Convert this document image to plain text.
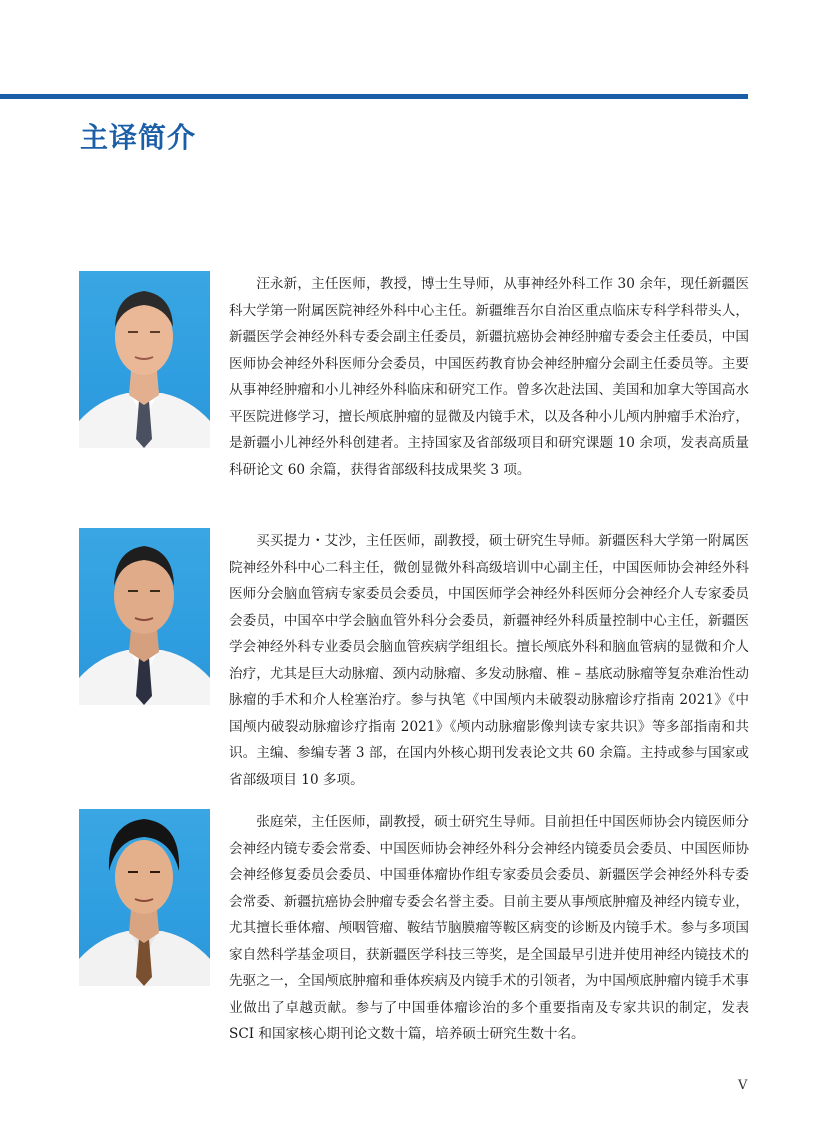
主译简介

汪永新，主任医师，教授，博士生导师，从事神经外科工作 30 余年，现任新疆医科大学第一附属医院神经外科中心主任。新疆维吾尔自治区重点临床专科学科带头人，新疆医学会神经外科专委会副主任委员，新疆抗癌协会神经肿瘤专委会主任委员，中国医师协会神经外科医师分会委员，中国医药教育协会神经肿瘤分会副主任委员等。主要从事神经肿瘤和小儿神经外科临床和研究工作。曾多次赴法国、美国和加拿大等国高水平医院进修学习，擅长颅底肿瘤的显微及内镜手术，以及各种小儿颅内肿瘤手术治疗，是新疆小儿神经外科创建者。主持国家及省部级项目和研究课题 10 余项，发表高质量科研论文 60 余篇，获得省部级科技成果奖 3 项。

买买提力・艾沙，主任医师，副教授，硕士研究生导师。新疆医科大学第一附属医院神经外科中心二科主任，微创显微外科高级培训中心副主任，中国医师协会神经外科医师分会脑血管病专家委员会委员，中国医师学会神经外科医师分会神经介人专家委员会委员，中国卒中学会脑血管外科分会委员，新疆神经外科质量控制中心主任，新疆医学会神经外科专业委员会脑血管疾病学组组长。擅长颅底外科和脑血管病的显微和介人治疗，尤其是巨大动脉瘤、颈内动脉瘤、多发动脉瘤、椎 – 基底动脉瘤等复杂难治性动脉瘤的手术和介人栓塞治疗。参与执笔《中国颅内未破裂动脉瘤诊疗指南 2021》《中国颅内破裂动脉瘤诊疗指南 2021》《颅内动脉瘤影像判读专家共识》等多部指南和共识。主编、参编专著 3 部，在国内外核心期刊发表论文共 60 余篇。主持或参与国家或省部级项目 10 多项。

张庭荣，主任医师，副教授，硕士研究生导师。目前担任中国医师协会内镜医师分会神经内镜专委会常委、中国医师协会神经外科分会神经内镜委员会委员、中国医师协会神经修复委员会委员、中国垂体瘤协作组专家委员会委员、新疆医学会神经外科专委会常委、新疆抗癌协会肿瘤专委会名誉主委。目前主要从事颅底肿瘤及神经内镜专业，尤其擅长垂体瘤、颅咽管瘤、鞍结节脑膜瘤等鞍区病变的诊断及内镜手术。参与多项国家自然科学基金项目，获新疆医学科技三等奖，是全国最早引进并使用神经内镜技术的先驱之一，全国颅底肿瘤和垂体疾病及内镜手术的引领者，为中国颅底肿瘤内镜手术事业做出了卓越贡献。参与了中国垂体瘤诊治的多个重要指南及专家共识的制定，发表 SCI 和国家核心期刊论文数十篇，培养硕士研究生数十名。

V
